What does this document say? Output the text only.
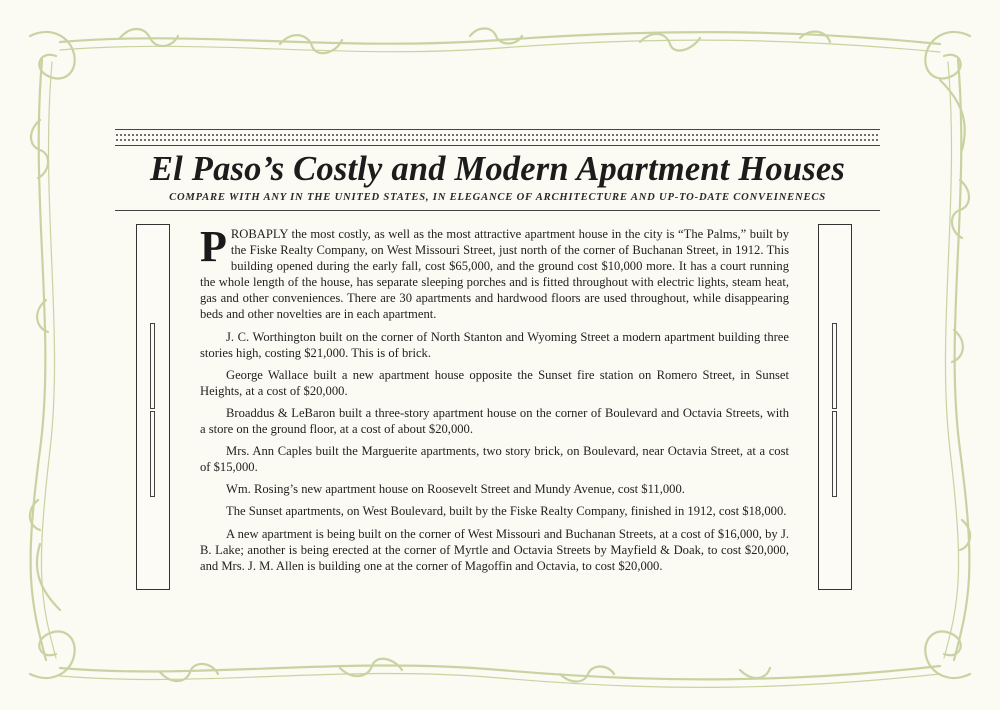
El Paso’s Costly and Modern Apartment Houses
COMPARE WITH ANY IN THE UNITED STATES, IN ELEGANCE OF ARCHITECTURE AND UP-TO-DATE CONVEINENECS

PROBAPLY the most costly, as well as the most attractive apartment house in the city is “The Palms,” built by the Fiske Realty Company, on West Missouri Street, just north of the corner of Buchanan Street, in 1912. This building opened during the early fall, cost $65,000, and the ground cost $10,000 more. It has a court running the whole length of the house, has separate sleeping porches and is fitted throughout with electric lights, steam heat, gas and other conveniences. There are 30 apartments and hardwood floors are used throughout, while disappearing beds and other novelties are in each apartment.

J. C. Worthington built on the corner of North Stanton and Wyoming Street a modern apartment building three stories high, costing $21,000. This is of brick.

George Wallace built a new apartment house opposite the Sunset fire station on Romero Street, in Sunset Heights, at a cost of $20,000.

Broaddus & LeBaron built a three-story apartment house on the corner of Boulevard and Octavia Streets, with a store on the ground floor, at a cost of about $20,000.

Mrs. Ann Caples built the Marguerite apartments, two story brick, on Boulevard, near Octavia Street, at a cost of $15,000.

Wm. Rosing’s new apartment house on Roosevelt Street and Mundy Avenue, cost $11,000.

The Sunset apartments, on West Boulevard, built by the Fiske Realty Company, finished in 1912, cost $18,000.

A new apartment is being built on the corner of West Missouri and Buchanan Streets, at a cost of $16,000, by J. B. Lake; another is being erected at the corner of Myrtle and Octavia Streets by Mayfield & Doak, to cost $20,000, and Mrs. J. M. Allen is building one at the corner of Magoffin and Octavia, to cost $20,000.
